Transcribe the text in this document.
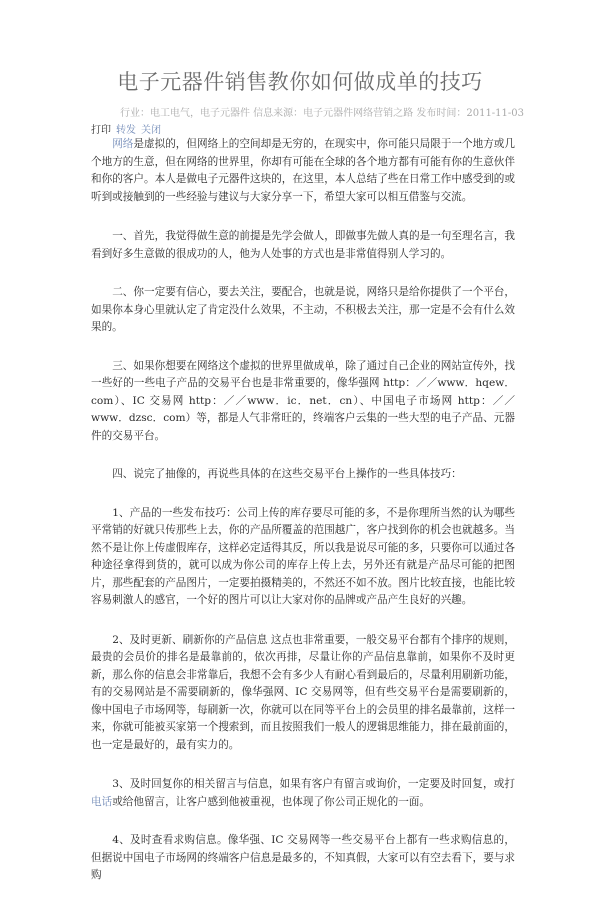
电子元器件销售教你如何做成单的技巧
行业：电工电气，电子元器件 信息来源：电子元器件网络营销之路 发布时间：2011-11-03
打印 转发 关闭

网络是虚拟的，但网络上的空间却是无穷的，在现实中，你可能只局限于一个地方或几个地方的生意，但在网络的世界里，你却有可能在全球的各个地方都有可能有你的生意伙伴和你的客户。本人是做电子元器件这块的，在这里，本人总结了些在日常工作中感受到的或听到或接触到的一些经验与建议与大家分享一下，希望大家可以相互借鉴与交流。

一、首先，我觉得做生意的前提是先学会做人，即做事先做人真的是一句至理名言，我看到好多生意做的很成功的人，他为人处事的方式也是非常值得别人学习的。

二、你一定要有信心，要去关注，要配合，也就是说，网络只是给你提供了一个平台，如果你本身心里就认定了肯定没什么效果，不主动，不积极去关注，那一定是不会有什么效果的。

三、如果你想要在网络这个虚拟的世界里做成单，除了通过自己企业的网站宣传外，找一些好的一些电子产品的交易平台也是非常重要的，像华强网 http：／／www．hqew．com）、IC 交易网 http：／／www．ic．net．cn）、中国电子市场网 http：／／www．dzsc．com）等，都是人气非常旺的，终端客户云集的一些大型的电子产品、元器件的交易平台。

四、说完了抽像的，再说些具体的在这些交易平台上操作的一些具体技巧：

1、产品的一些发布技巧：公司上传的库存要尽可能的多，不是你理所当然的认为哪些平常销的好就只传那些上去，你的产品所覆盖的范围越广，客户找到你的机会也就越多。当然不是让你上传虚假库存，这样必定适得其反，所以我是说尽可能的多，只要你可以通过各种途径拿得到货的，就可以成为你公司的库存上传上去，另外还有就是产品尽可能的把图片，那些配套的产品图片，一定要拍摄精美的，不然还不如不放。图片比较直接，也能比较容易刺激人的感官，一个好的图片可以让大家对你的品牌或产品产生良好的兴趣。

2、及时更新、刷新你的产品信息 这点也非常重要，一般交易平台都有个排序的规则，最贵的会员价的排名是最靠前的，依次再排，尽量让你的产品信息靠前，如果你不及时更新，那么你的信息会非常靠后，我想不会有多少人有耐心看到最后的，尽量利用刷新功能，有的交易网站是不需要刷新的，像华强网、IC 交易网等，但有些交易平台是需要刷新的，像中国电子市场网等，每刷新一次，你就可以在同等平台上的会员里的排名最靠前，这样一来，你就可能被买家第一个搜索到，而且按照我们一般人的逻辑思维能力，排在最前面的，也一定是最好的，最有实力的。

3、及时回复你的相关留言与信息，如果有客户有留言或询价，一定要及时回复，或打电话或给他留言，让客户感到他被重视，也体现了你公司正规化的一面。

4、及时查看求购信息。像华强、IC 交易网等一些交易平台上都有一些求购信息的，但据说中国电子市场网的终端客户信息是最多的，不知真假，大家可以有空去看下，要与求购
